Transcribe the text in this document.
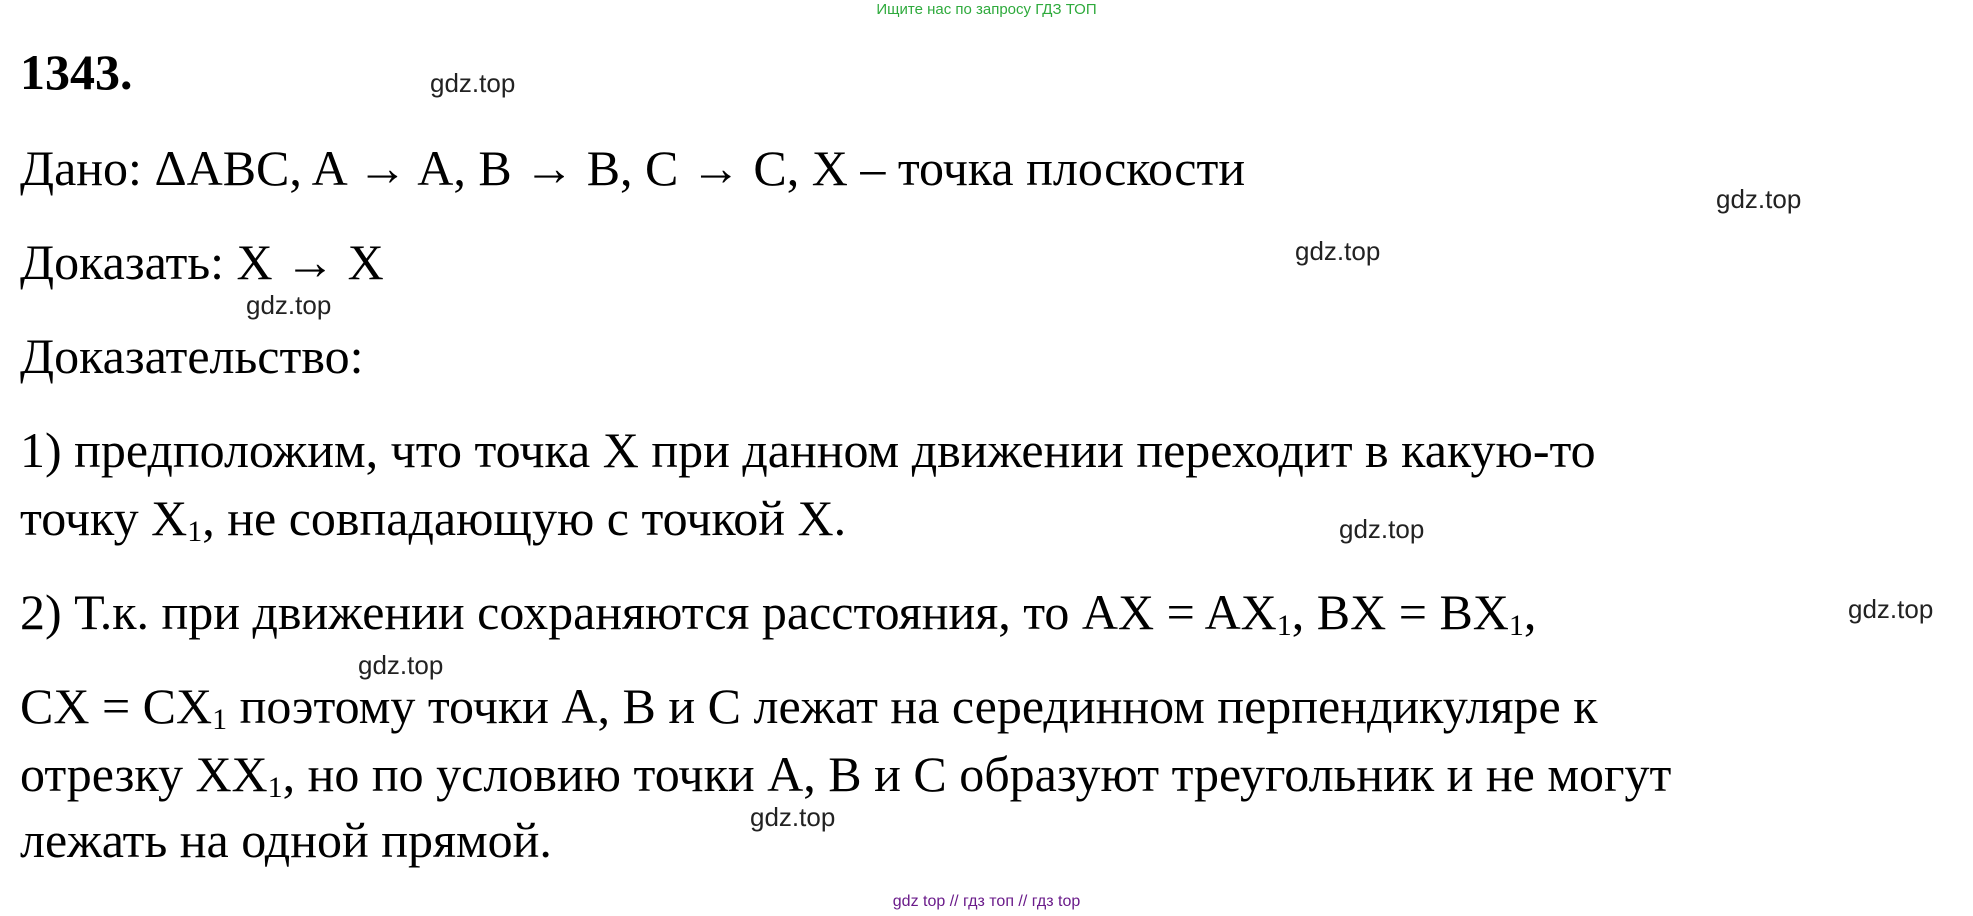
Ищите нас по запросу ГДЗ ТОП
1343.
Дано: ΔABC, A → A, B → B, C → C, X – точка плоскости
Доказать: X → X
Доказательство:
1) предположим, что точка X при данном движении переходит в какую-то
точку $X_1$, не совпадающую с точкой X.
2) Т.к. при движении сохраняются расстояния, то AX = $AX_1$, BX = $BX_1$,
CX = $CX_1$ поэтому точки A, B и C лежат на серединном перпендикуляре к
отрезку $XX_1$, но по условию точки A, B и C образуют треугольник и не могут
лежать на одной прямой.
gdz.top
gdz.top
gdz.top
gdz.top
gdz.top
gdz.top
gdz.top
gdz.top
gdz top // гдз топ // гдз top
